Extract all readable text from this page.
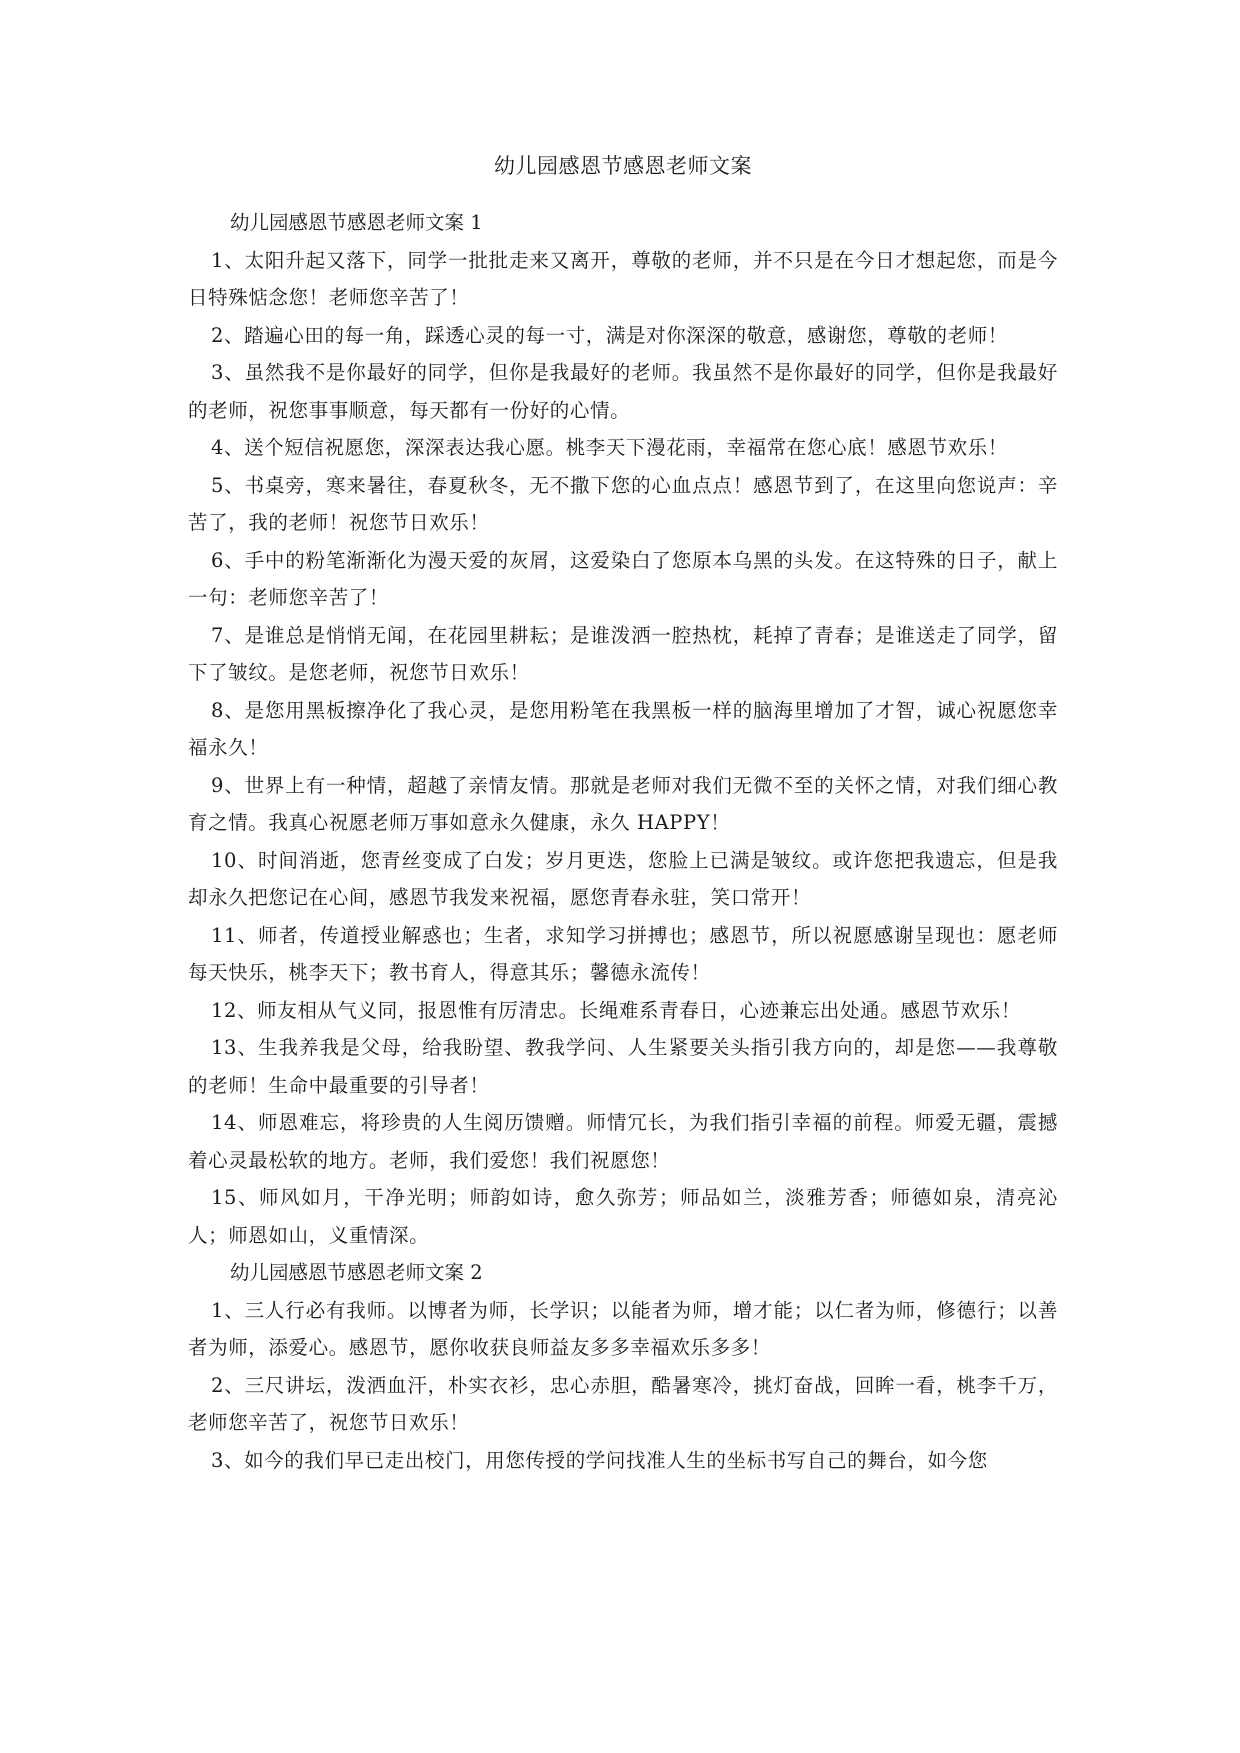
幼儿园感恩节感恩老师文案
幼儿园感恩节感恩老师文案 1

1、太阳升起又落下，同学一批批走来又离开，尊敬的老师，并不只是在今日才想起您，而是今日特殊惦念您！老师您辛苦了！

2、踏遍心田的每一角，踩透心灵的每一寸，满是对你深深的敬意，感谢您，尊敬的老师！

3、虽然我不是你最好的同学，但你是我最好的老师。我虽然不是你最好的同学，但你是我最好的老师，祝您事事顺意，每天都有一份好的心情。

4、送个短信祝愿您，深深表达我心愿。桃李天下漫花雨，幸福常在您心底！感恩节欢乐！

5、书桌旁，寒来暑往，春夏秋冬，无不撒下您的心血点点！感恩节到了，在这里向您说声：辛苦了，我的老师！祝您节日欢乐！

6、手中的粉笔渐渐化为漫天爱的灰屑，这爱染白了您原本乌黑的头发。在这特殊的日子，献上一句：老师您辛苦了！

7、是谁总是悄悄无闻，在花园里耕耘；是谁泼洒一腔热枕，耗掉了青春；是谁送走了同学，留下了皱纹。是您老师，祝您节日欢乐！

8、是您用黑板擦净化了我心灵，是您用粉笔在我黑板一样的脑海里增加了才智，诚心祝愿您幸福永久！

9、世界上有一种情，超越了亲情友情。那就是老师对我们无微不至的关怀之情，对我们细心教育之情。我真心祝愿老师万事如意永久健康，永久 HAPPY！

10、时间消逝，您青丝变成了白发；岁月更迭，您脸上已满是皱纹。或许您把我遗忘，但是我却永久把您记在心间，感恩节我发来祝福，愿您青春永驻，笑口常开！

11、师者，传道授业解惑也；生者，求知学习拼搏也；感恩节，所以祝愿感谢呈现也：愿老师每天快乐，桃李天下；教书育人，得意其乐；馨德永流传！

12、师友相从气义同，报恩惟有厉清忠。长绳难系青春日，心迹兼忘出处通。感恩节欢乐！

13、生我养我是父母，给我盼望、教我学问、人生紧要关头指引我方向的，却是您——我尊敬的老师！生命中最重要的引导者！

14、师恩难忘，将珍贵的人生阅历馈赠。师情冗长，为我们指引幸福的前程。师爱无疆，震撼着心灵最松软的地方。老师，我们爱您！我们祝愿您！

15、师风如月，干净光明；师韵如诗，愈久弥芳；师品如兰，淡雅芳香；师德如泉，清亮沁人；师恩如山，义重情深。

幼儿园感恩节感恩老师文案 2

1、三人行必有我师。以博者为师，长学识；以能者为师，增才能；以仁者为师，修德行；以善者为师，添爱心。感恩节，愿你收获良师益友多多幸福欢乐多多！

2、三尺讲坛，泼洒血汗，朴实衣衫，忠心赤胆，酷暑寒冷，挑灯奋战，回眸一看，桃李千万，老师您辛苦了，祝您节日欢乐！

3、如今的我们早已走出校门，用您传授的学问找准人生的坐标书写自己的舞台，如今您
